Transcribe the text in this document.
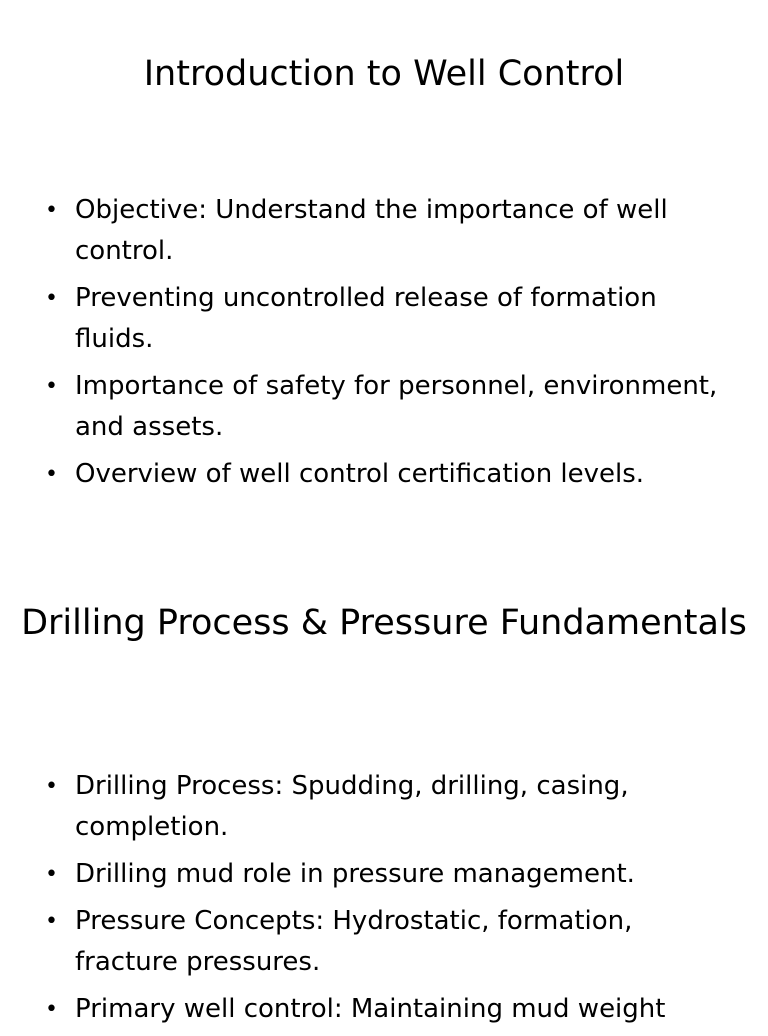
Introduction to Well Control
• Objective: Understand the importance of well control.
• Preventing uncontrolled release of formation fluids.
• Importance of safety for personnel, environment, and assets.
• Overview of well control certification levels.
Drilling Process & Pressure Fundamentals
• Drilling Process: Spudding, drilling, casing, completion.
• Drilling mud role in pressure management.
• Pressure Concepts: Hydrostatic, formation, fracture pressures.
• Primary well control: Maintaining mud weight
